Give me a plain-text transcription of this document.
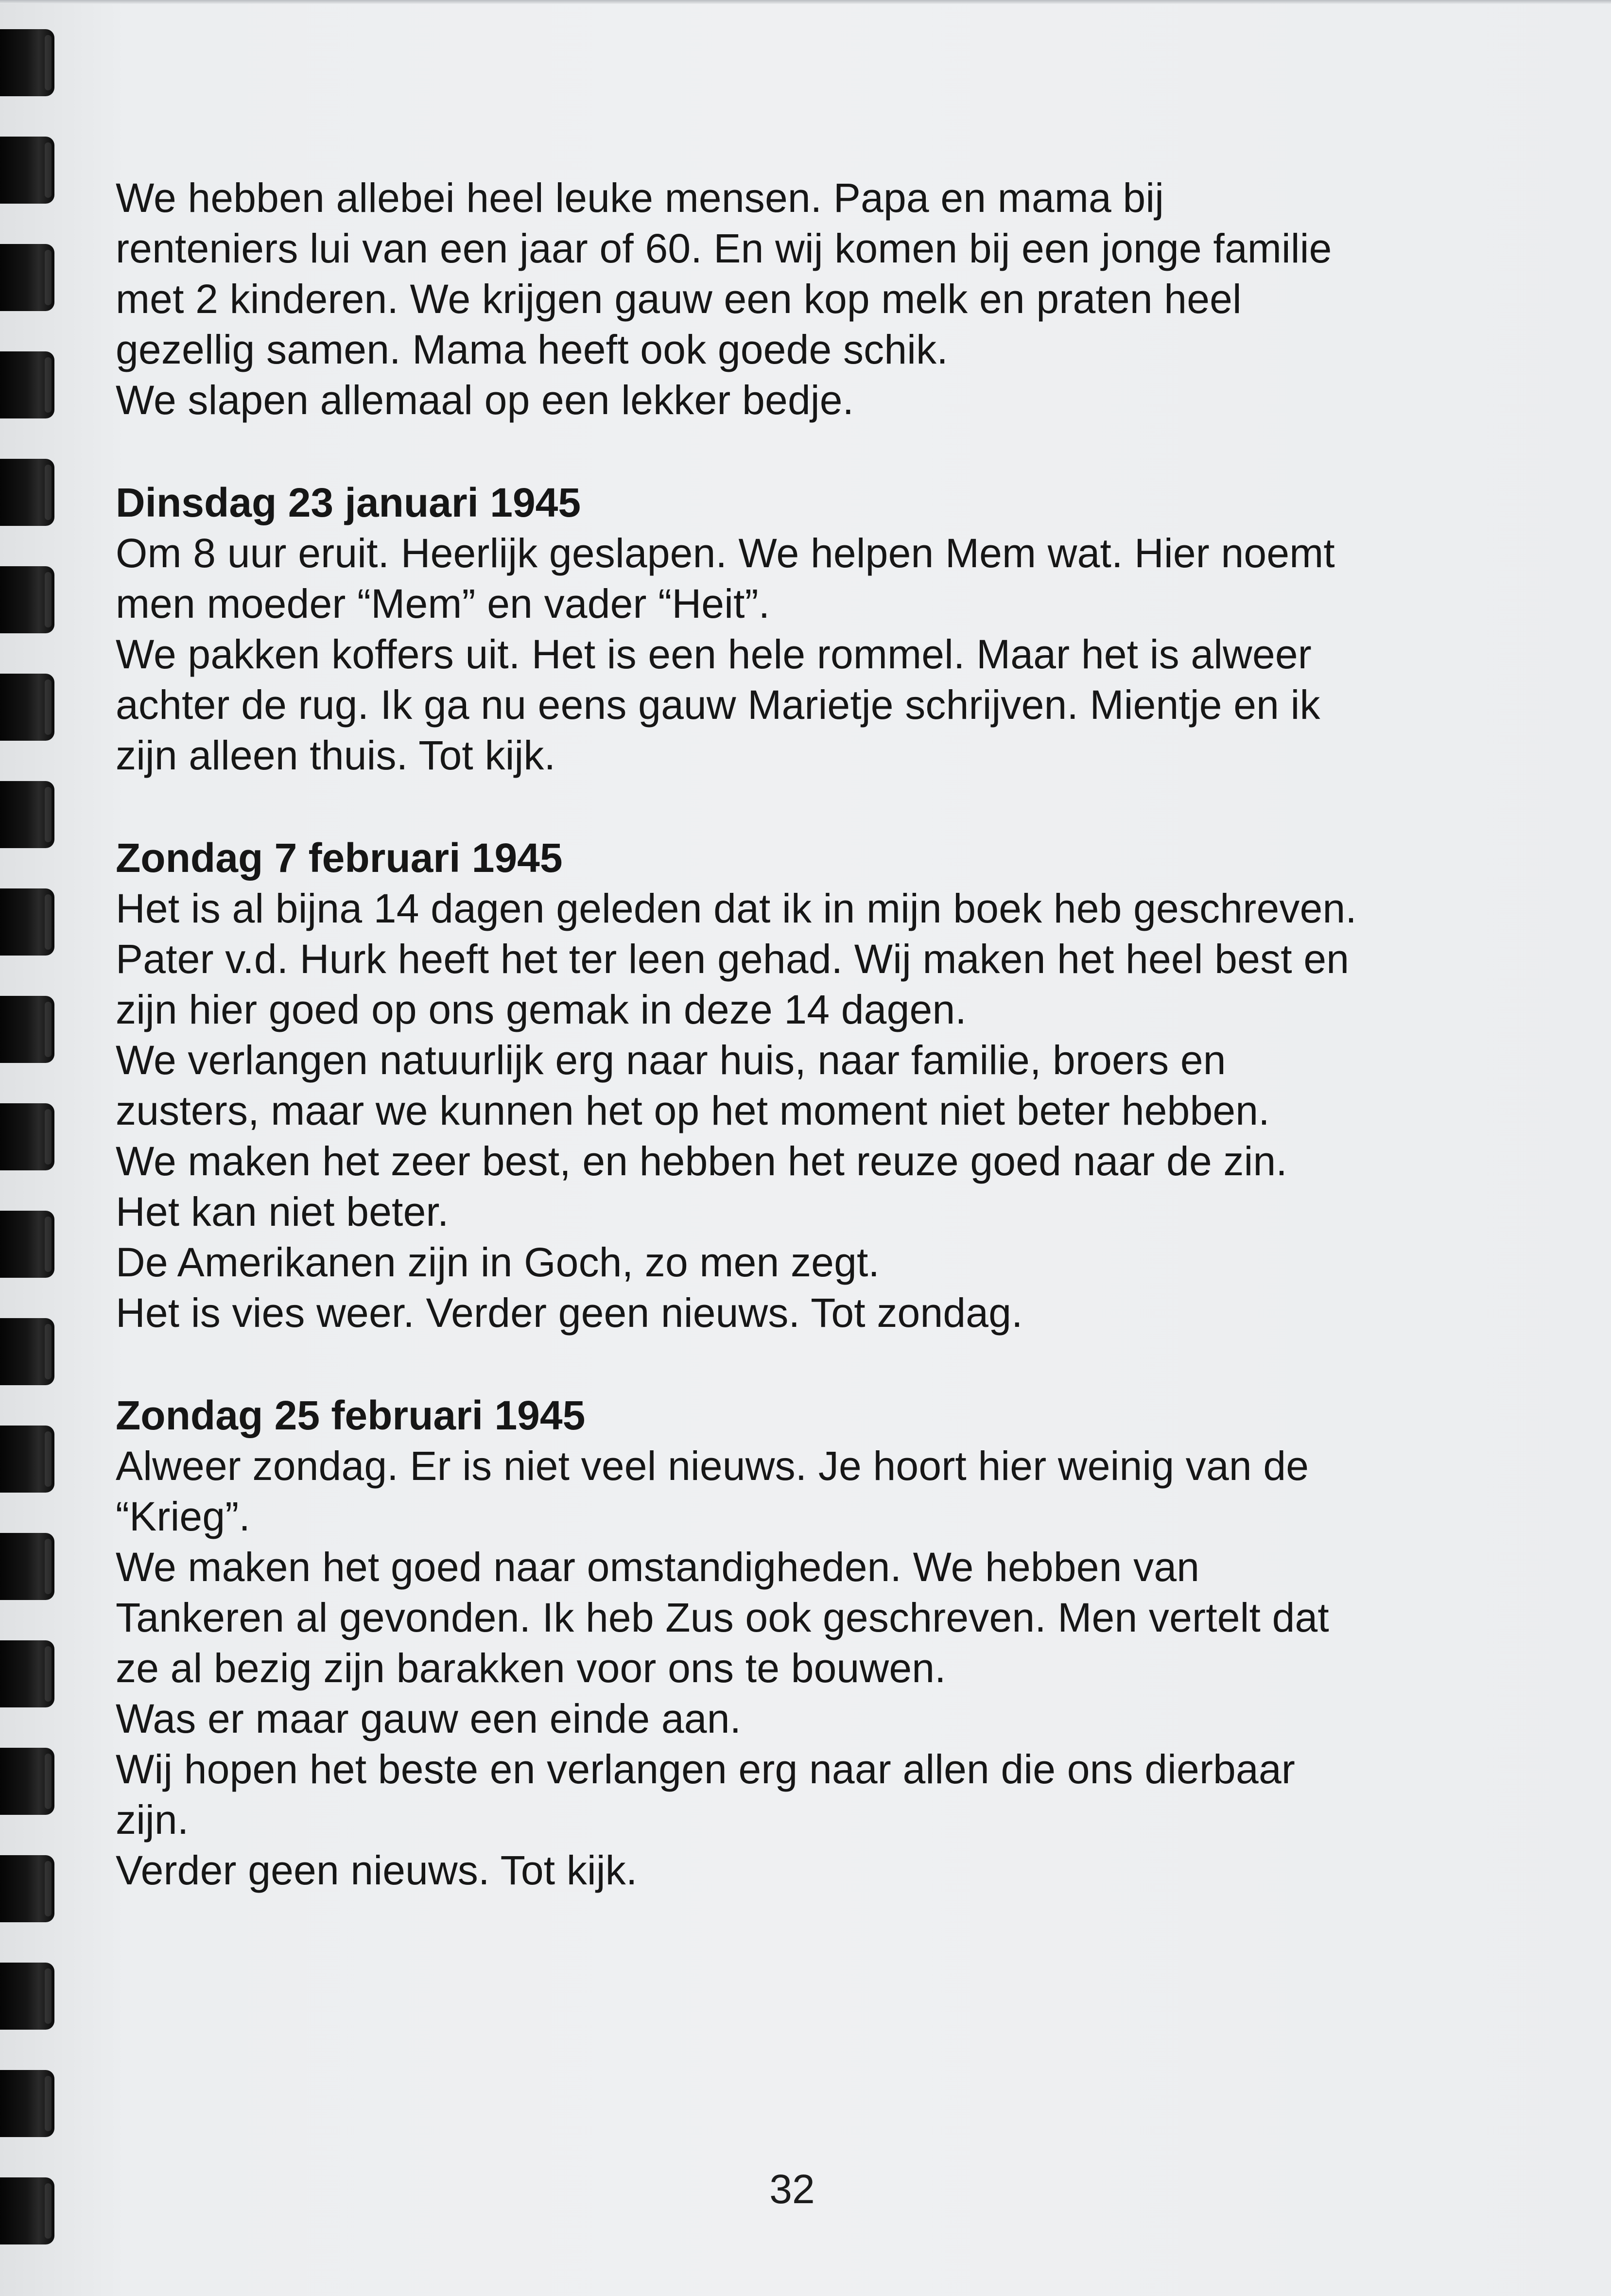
We hebben allebei heel leuke mensen. Papa en mama bij
renteniers lui van een jaar of 60. En wij komen bij een jonge familie
met 2 kinderen. We krijgen gauw een kop melk en praten heel
gezellig samen. Mama heeft ook goede schik.
We slapen allemaal op een lekker bedje.

Dinsdag 23 januari 1945

Om 8 uur eruit. Heerlijk geslapen. We helpen Mem wat. Hier noemt
men moeder “Mem” en vader “Heit”.
We pakken koffers uit. Het is een hele rommel. Maar het is alweer
achter de rug. Ik ga nu eens gauw Marietje schrijven. Mientje en ik
zijn alleen thuis. Tot kijk.

Zondag 7 februari 1945

Het is al bijna 14 dagen geleden dat ik in mijn boek heb geschreven.
Pater v.d. Hurk heeft het ter leen gehad. Wij maken het heel best en
zijn hier goed op ons gemak in deze 14 dagen.
We verlangen natuurlijk erg naar huis, naar familie, broers en
zusters, maar we kunnen het op het moment niet beter hebben.
We maken het zeer best, en hebben het reuze goed naar de zin.
Het kan niet beter.
De Amerikanen zijn in Goch, zo men zegt.
Het is vies weer. Verder geen nieuws. Tot zondag.

Zondag 25 februari 1945

Alweer zondag. Er is niet veel nieuws. Je hoort hier weinig van de
“Krieg”.
We maken het goed naar omstandigheden. We hebben van
Tankeren al gevonden. Ik heb Zus ook geschreven. Men vertelt dat
ze al bezig zijn barakken voor ons te bouwen.
Was er maar gauw een einde aan.
Wij hopen het beste en verlangen erg naar allen die ons dierbaar
zijn.
Verder geen nieuws. Tot kijk.

32
